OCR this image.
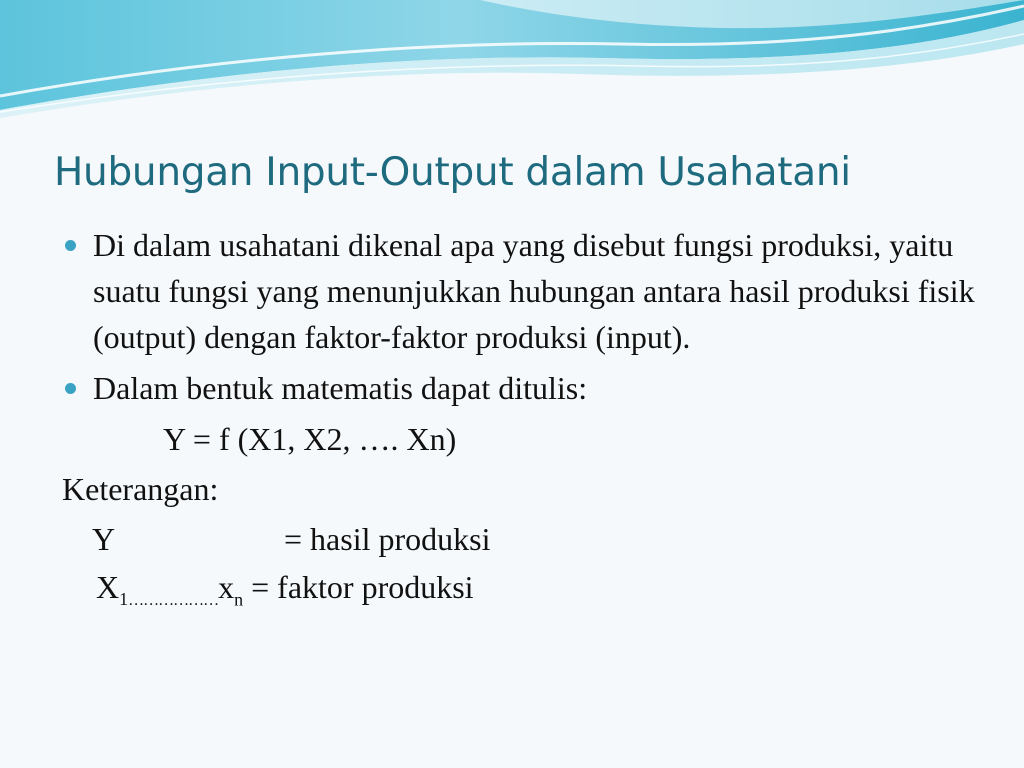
Hubungan Input-Output dalam Usahatani
Di dalam usahatani dikenal apa yang disebut fungsi produksi, yaitu suatu fungsi yang menunjukkan hubungan antara hasil produksi fisik (output) dengan faktor-faktor produksi (input).
Dalam bentuk matematis dapat ditulis:
Y = f (X1, X2, …. Xn)
Keterangan:
Y	= hasil produksi
$X_{1\dots\dots\dots\dots\dots\dots}x_n$ = faktor produksi
